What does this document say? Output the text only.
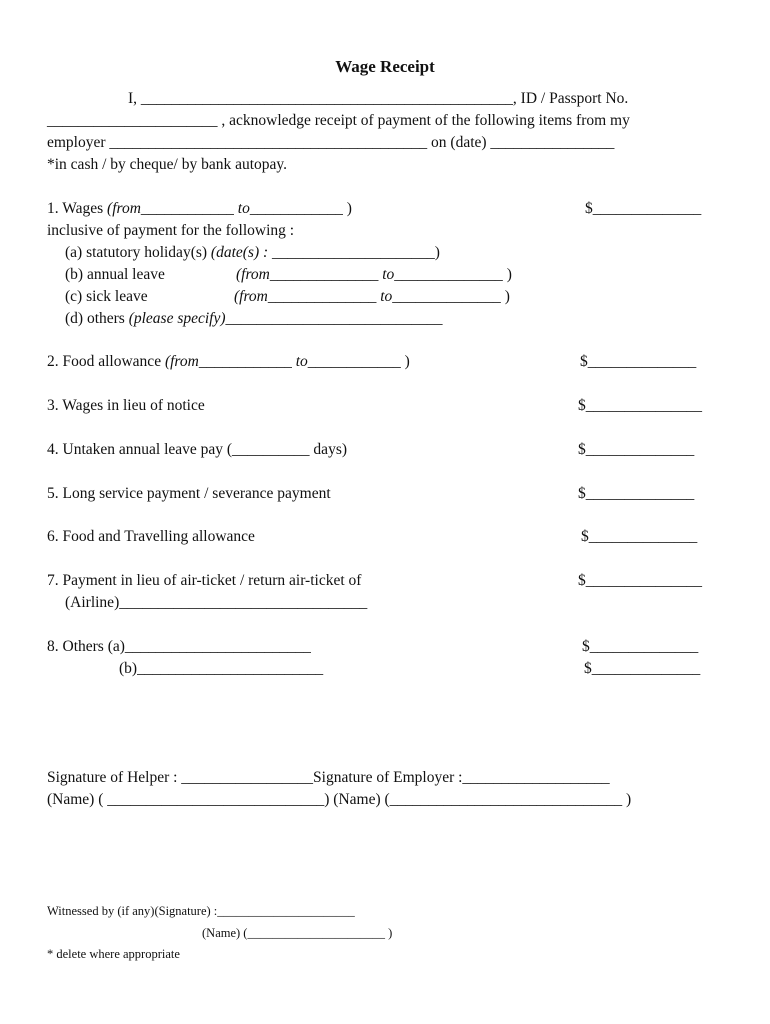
Wage Receipt
I, ________________________________________________, ID / Passport No.
______________________ , acknowledge receipt of payment of the following items from my
employer _________________________________________ on (date) ________________
*in cash / by cheque/ by bank autopay.
1. Wages (from____________ to____________ )	$______________
inclusive of payment for the following :
(a) statutory holiday(s) (date(s) : _____________________)
(b) annual leave	(from______________ to______________ )
(c) sick leave	(from______________ to______________ )
(d) others (please specify)____________________________
2. Food allowance (from____________ to____________ )	$______________
3. Wages in lieu of notice	$_______________
4. Untaken annual leave pay (__________ days)	$______________
5. Long service payment / severance payment	$______________
6. Food and Travelling allowance	$______________
7. Payment in lieu of air-ticket / return air-ticket of	$_______________
(Airline)________________________________
8. Others (a)________________________	$______________
(b)________________________	$______________
Signature of Helper : _________________Signature of Employer :___________________
(Name) ( ____________________________) (Name) (______________________________ )
Witnessed by (if any)(Signature) :______________________
(Name) (______________________ )
* delete where appropriate
